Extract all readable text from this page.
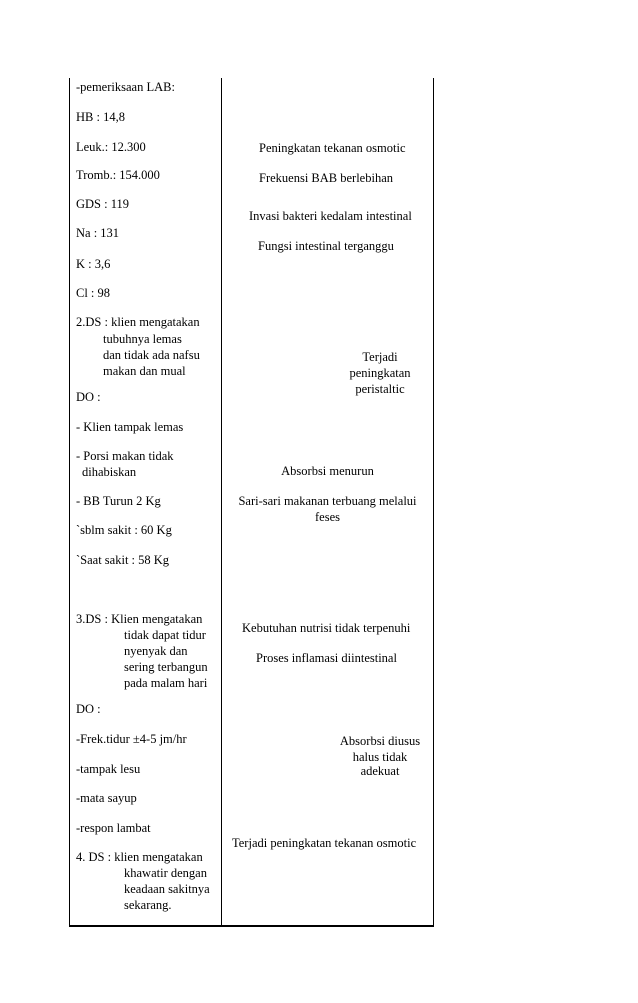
-pemeriksaan LAB:
HB : 14,8
Leuk.: 12.300
Tromb.: 154.000
GDS : 119
Na : 131
K : 3,6
Cl : 98
2.DS : klien mengatakan
tubuhnya lemas
dan tidak ada nafsu
makan dan mual
DO :
- Klien tampak lemas
- Porsi makan tidak
dihabiskan
- BB Turun 2 Kg
`sblm sakit : 60 Kg
`Saat sakit : 58 Kg
3.DS : Klien mengatakan
tidak dapat tidur
nyenyak dan
sering terbangun
pada malam hari
DO :
-Frek.tidur ±4-5 jm/hr
-tampak lesu
-mata sayup
-respon lambat
4. DS : klien mengatakan
khawatir dengan
keadaan sakitnya
sekarang.
Peningkatan tekanan osmotic
Frekuensi BAB berlebihan
Invasi bakteri kedalam intestinal
Fungsi intestinal terganggu
Terjadi
peningkatan
peristaltic
Absorbsi menurun
Sari-sari makanan terbuang melalui
feses
Kebutuhan nutrisi tidak terpenuhi
Proses inflamasi diintestinal
Absorbsi diusus
halus tidak
adekuat
Terjadi peningkatan tekanan osmotic
